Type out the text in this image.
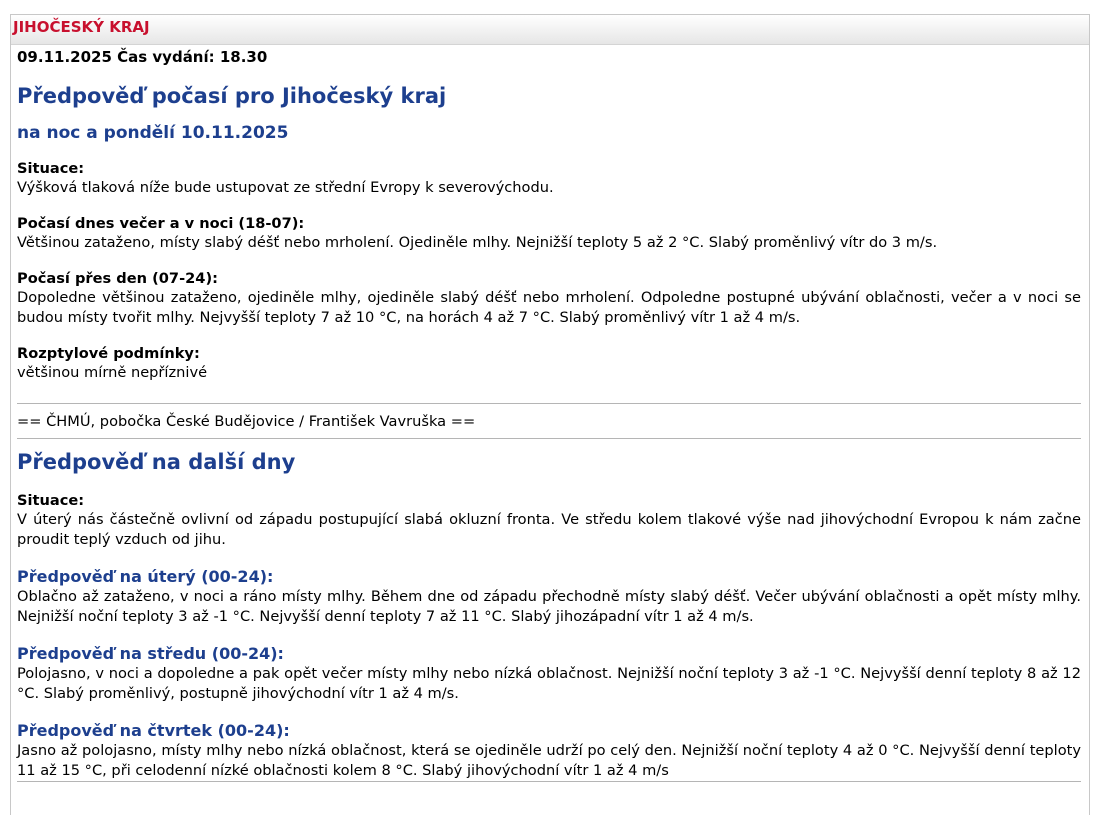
JIHOČESKÝ KRAJ
09.11.2025 Čas vydání: 18.30
Předpověď počasí pro Jihočeský kraj
na noc a pondělí 10.11.2025
Situace:
Výšková tlaková níže bude ustupovat ze střední Evropy k severovýchodu.
Počasí dnes večer a v noci (18-07):
Většinou zataženo, místy slabý déšť nebo mrholení. Ojediněle mlhy. Nejnižší teploty 5 až 2 °C. Slabý proměnlivý vítr do 3 m/s.
Počasí přes den (07-24):
Dopoledne většinou zataženo, ojediněle mlhy, ojediněle slabý déšť nebo mrholení. Odpoledne postupné ubývání oblačnosti, večer a v noci se budou místy tvořit mlhy. Nejvyšší teploty 7 až 10 °C, na horách 4 až 7 °C. Slabý proměnlivý vítr 1 až 4 m/s.
Rozptylové podmínky:
většinou mírně nepříznivé
== ČHMÚ, pobočka České Budějovice / František Vavruška ==
Předpověď na další dny
Situace:
V úterý nás částečně ovlivní od západu postupující slabá okluzní fronta. Ve středu kolem tlakové výše nad jihovýchodní Evropou k nám začne proudit teplý vzduch od jihu.
Předpověď na úterý (00-24):
Oblačno až zataženo, v noci a ráno místy mlhy. Během dne od západu přechodně místy slabý déšť. Večer ubývání oblačnosti a opět místy mlhy. Nejnižší noční teploty 3 až -1 °C. Nejvyšší denní teploty 7 až 11 °C. Slabý jihozápadní vítr 1 až 4 m/s.
Předpověď na středu (00-24):
Polojasno, v noci a dopoledne a pak opět večer místy mlhy nebo nízká oblačnost. Nejnižší noční teploty 3 až -1 °C. Nejvyšší denní teploty 8 až 12 °C. Slabý proměnlivý, postupně jihovýchodní vítr 1 až 4 m/s.
Předpověď na čtvrtek (00-24):
Jasno až polojasno, místy mlhy nebo nízká oblačnost, která se ojediněle udrží po celý den. Nejnižší noční teploty 4 až 0 °C. Nejvyšší denní teploty 11 až 15 °C, při celodenní nízké oblačnosti kolem 8 °C. Slabý jihovýchodní vítr 1 až 4 m/s
